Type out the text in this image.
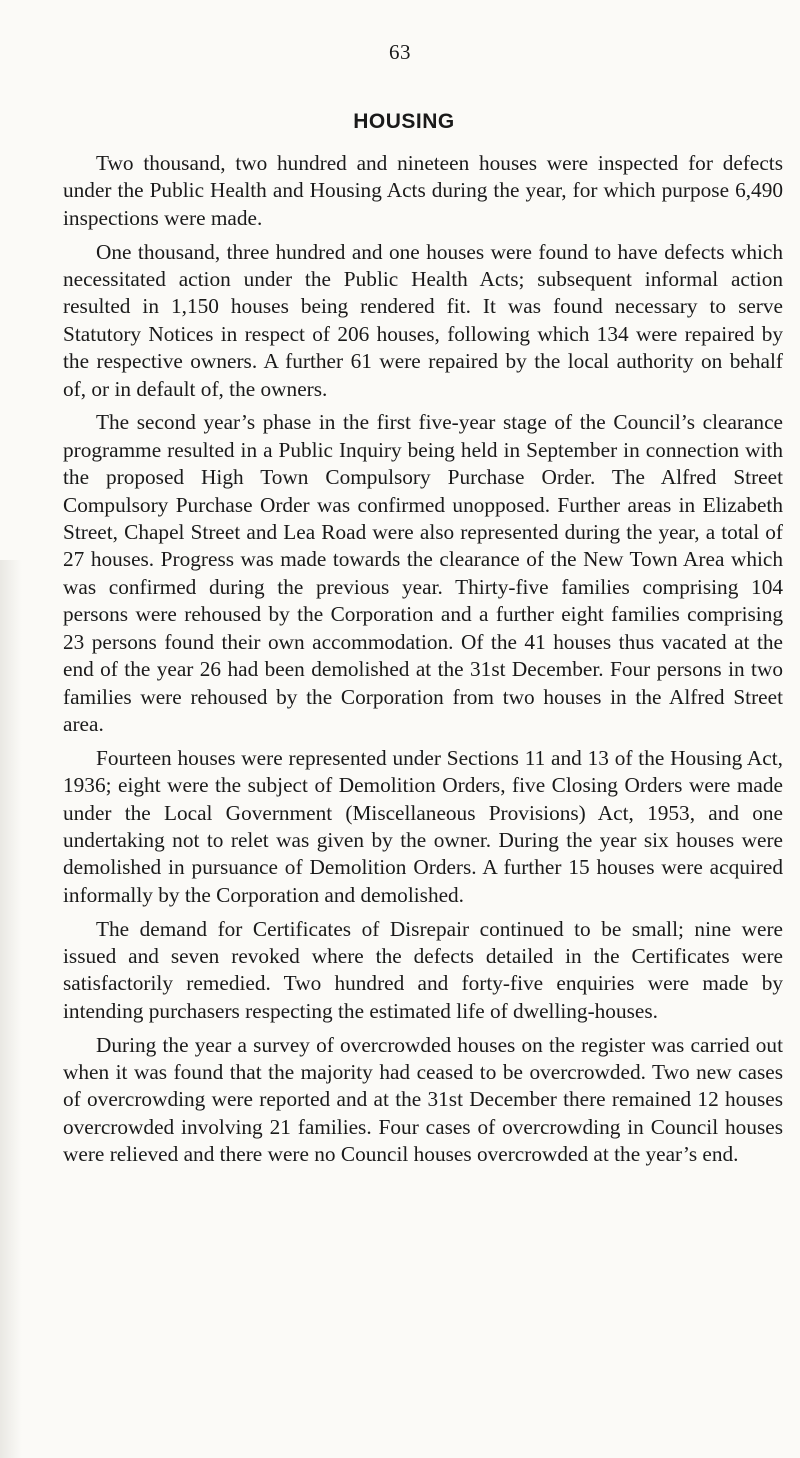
63
HOUSING

Two thousand, two hundred and nineteen houses were inspected for defects under the Public Health and Housing Acts during the year, for which purpose 6,490 inspections were made.

One thousand, three hundred and one houses were found to have defects which necessitated action under the Public Health Acts; subsequent informal action resulted in 1,150 houses being rendered fit. It was found necessary to serve Statutory Notices in respect of 206 houses, following which 134 were repaired by the respective owners. A further 61 were repaired by the local authority on behalf of, or in default of, the owners.

The second year’s phase in the first five-year stage of the Council’s clearance programme resulted in a Public Inquiry being held in September in connection with the proposed High Town Compulsory Purchase Order. The Alfred Street Compulsory Purchase Order was confirmed unopposed. Further areas in Elizabeth Street, Chapel Street and Lea Road were also represented during the year, a total of 27 houses. Progress was made towards the clearance of the New Town Area which was confirmed during the previous year. Thirty-five families comprising 104 persons were rehoused by the Corporation and a further eight families comprising 23 persons found their own accommodation. Of the 41 houses thus vacated at the end of the year 26 had been demolished at the 31st December. Four persons in two families were rehoused by the Corporation from two houses in the Alfred Street area.

Fourteen houses were represented under Sections 11 and 13 of the Housing Act, 1936; eight were the subject of Demolition Orders, five Closing Orders were made under the Local Government (Miscellaneous Provisions) Act, 1953, and one undertaking not to relet was given by the owner. During the year six houses were demolished in pursuance of Demolition Orders. A further 15 houses were acquired informally by the Corporation and demolished.

The demand for Certificates of Disrepair continued to be small; nine were issued and seven revoked where the defects detailed in the Certificates were satisfactorily remedied. Two hundred and forty-five enquiries were made by intending purchasers respecting the estimated life of dwelling-houses.

During the year a survey of overcrowded houses on the register was carried out when it was found that the majority had ceased to be overcrowded. Two new cases of overcrowding were reported and at the 31st December there remained 12 houses overcrowded involving 21 families. Four cases of overcrowding in Council houses were relieved and there were no Council houses overcrowded at the year’s end.
